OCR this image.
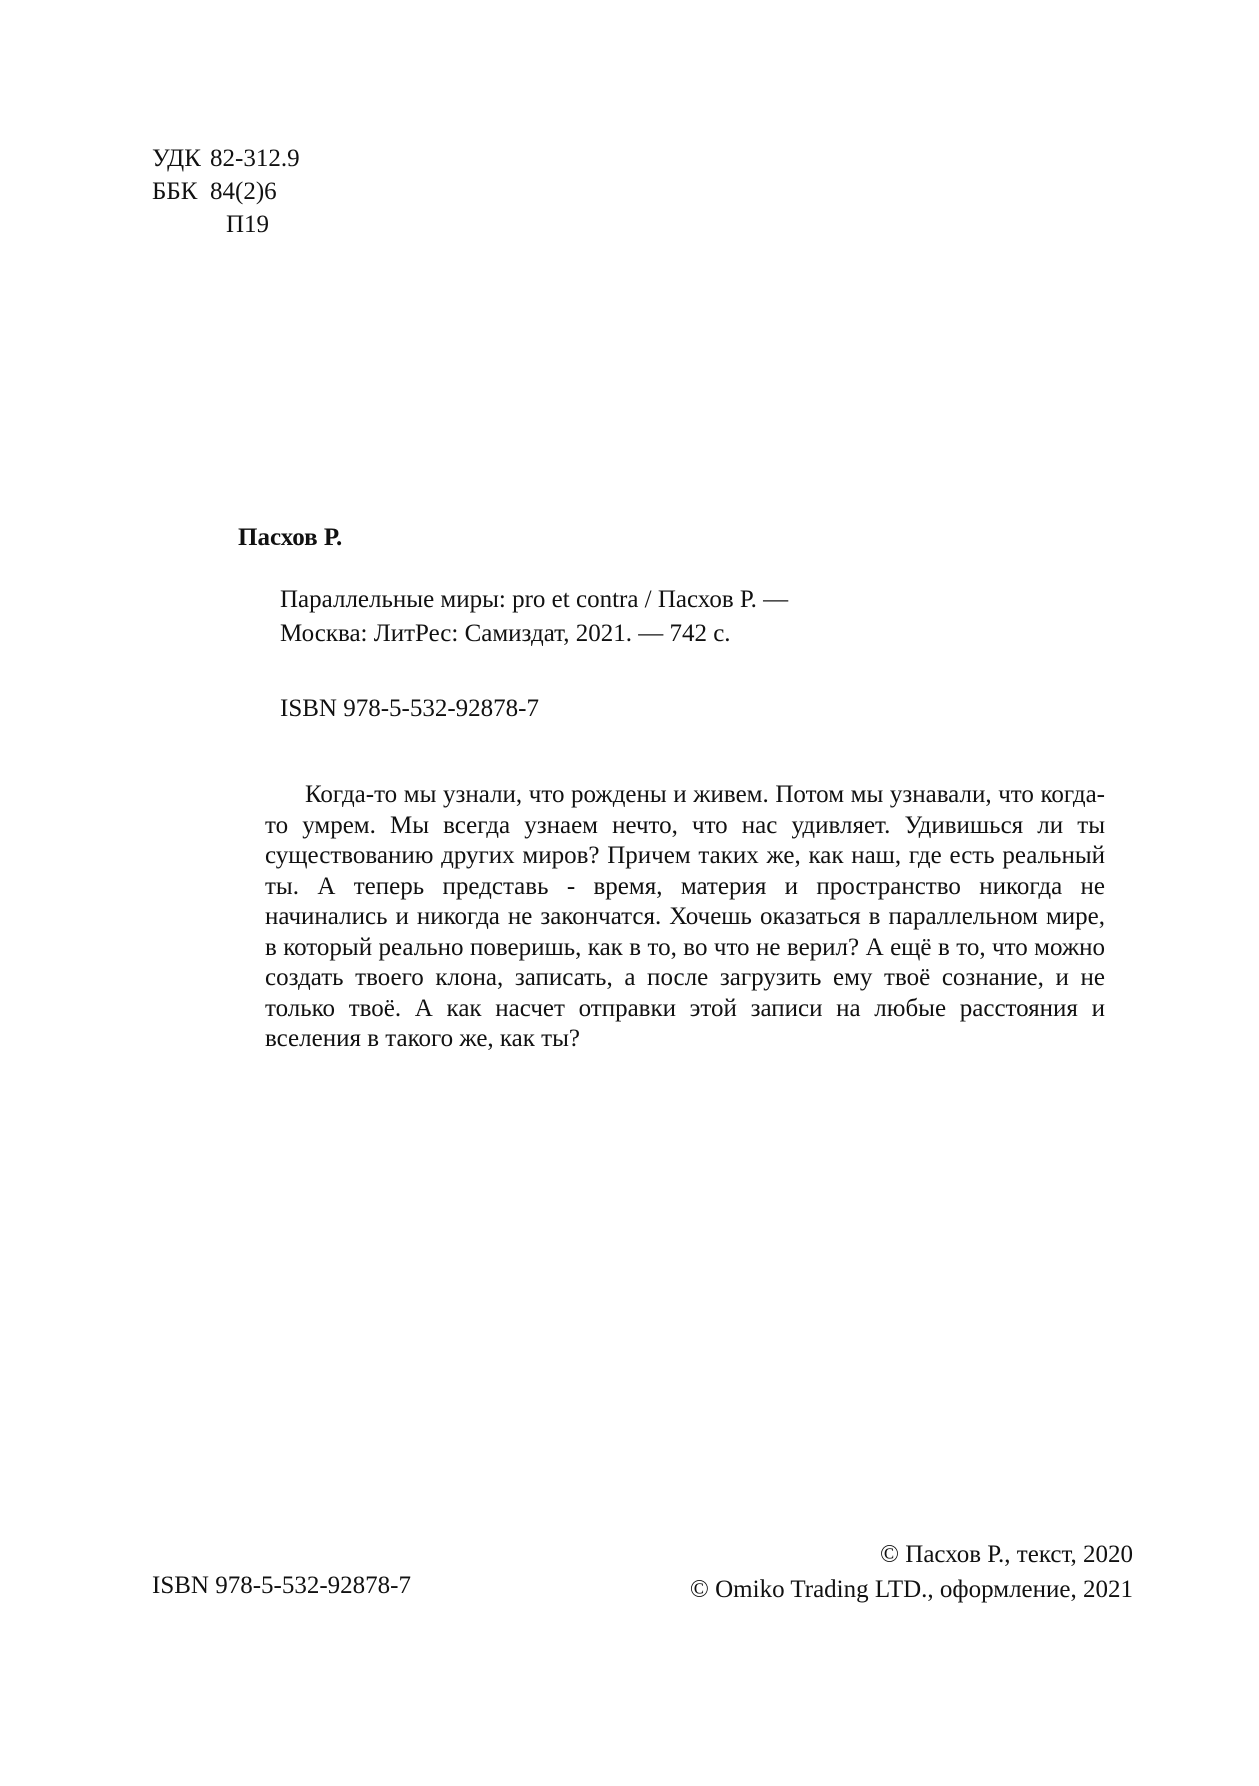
УДК 82-312.9
ББК 84(2)6
П19
Пасхов Р.
Параллельные миры: pro et contra / Пасхов Р. —
Москва: ЛитРес: Самиздат, 2021. — 742 с.
ISBN 978-5-532-92878-7
Когда-то мы узнали, что рождены и живем. Потом мы узнавали, что когда-то умрем. Мы всегда узнаем нечто, что нас удивляет. Удивишься ли ты существованию других миров? Причем таких же, как наш, где есть реальный ты. А теперь представь - время, материя и пространство никогда не начинались и никогда не закончатся. Хочешь оказаться в параллельном мире, в который реально поверишь, как в то, во что не верил? А ещё в то, что можно создать твоего клона, записать, а после загрузить ему твоё сознание, и не только твоё. А как насчет отправки этой записи на любые расстояния и вселения в такого же, как ты?
ISBN 978-5-532-92878-7
© Пасхов Р., текст, 2020
© Omiko Trading LTD., оформление, 2021
